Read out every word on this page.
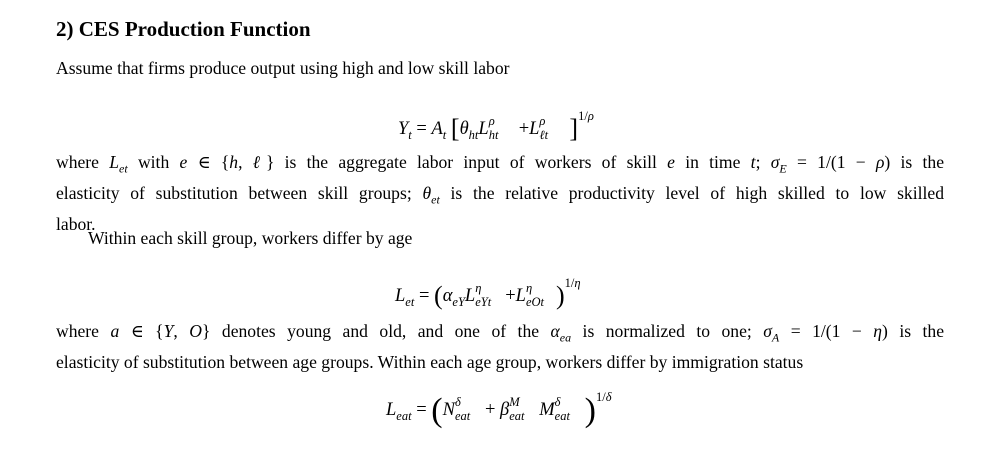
2) CES Production Function
Assume that firms produce output using high and low skill labor
$Y_t = A_t$ [$\theta_{ht}L$ ρ
ht +L ρ
ℓt ]$^{1/\rho}$
where $L_{et}$ with e ∈ {h, ℓ} is the aggregate labor input of workers of skill e in time t; $\sigma_E = 1/(1 - \rho)$ is the
elasticity of substitution between skill groups; $\theta_{et}$ is the relative productivity level of high skilled to low skilled
labor.
Within each skill group, workers differ by age
$L_{et} = (\alpha_{eY}L$ η
eYt +L η
eOt )$^{1/\eta}$
where a ∈ {Y, O} denotes young and old, and one of the $\alpha_{ea}$ is normalized to one; $\sigma_A = 1/(1 - \eta)$ is the
elasticity of substitution between age groups. Within each age group, workers differ by immigration status
$L_{eat} = (N$ δ
eat + β M
eat M δ
eat )$^{1/\delta}$
